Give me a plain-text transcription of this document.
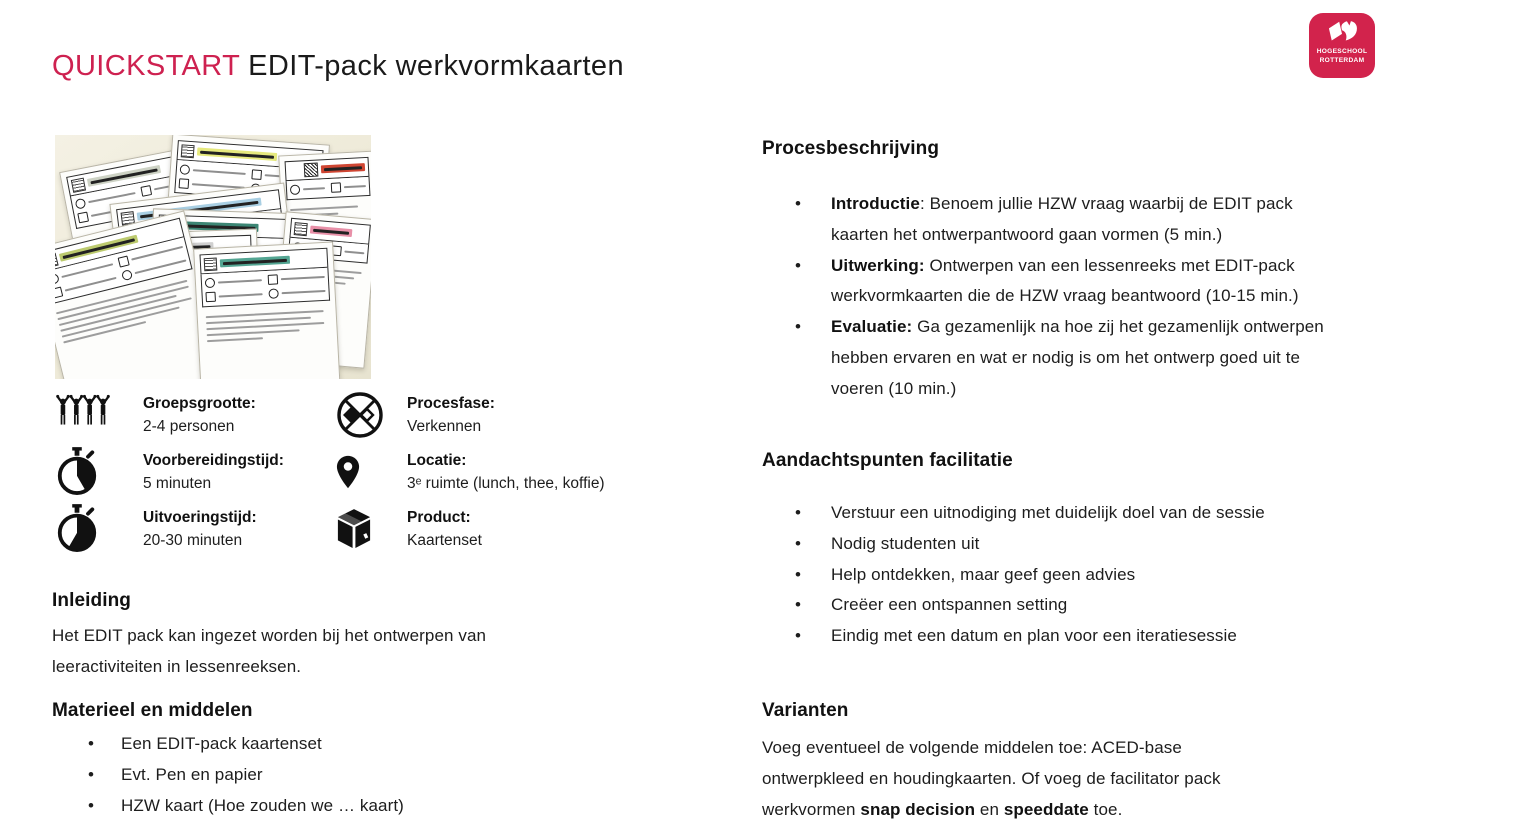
QUICKSTART EDIT-pack werkvormkaarten	HOGESCHOOL
ROTTERDAM
Groepsgrootte:
2-4 personen
Voorbereidingstijd:
5 minuten
Uitvoeringstijd:
20-30 minuten
Procesfase:
Verkennen
Locatie:
3ᵉ ruimte (lunch, thee, koffie)
Product:
Kaartenset
Inleiding

Het EDIT pack kan ingezet worden bij het ontwerpen van leeractiviteiten in lessenreeksen.

Materieel en middelen
• Een EDIT-pack kaartenset
• Evt. Pen en papier
• HZW kaart (Hoe zouden we … kaart)
Procesbeschrijving
• Introductie: Benoem jullie HZW vraag waarbij de EDIT pack kaarten het ontwerpantwoord gaan vormen (5 min.)
• Uitwerking: Ontwerpen van een lessenreeks met EDIT-pack werkvormkaarten die de HZW vraag beantwoord (10-15 min.)
• Evaluatie: Ga gezamenlijk na hoe zij het gezamenlijk ontwerpen hebben ervaren en wat er nodig is om het ontwerp goed uit te voeren (10 min.)
Aandachtspunten facilitatie
• Verstuur een uitnodiging met duidelijk doel van de sessie
• Nodig studenten uit
• Help ontdekken, maar geef geen advies
• Creëer een ontspannen setting
• Eindig met een datum en plan voor een iteratiesessie
Varianten

Voeg eventueel de volgende middelen toe: ACED-base ontwerpkleed en houdingkaarten. Of voeg de facilitator pack werkvormen snap decision en speeddate toe.
